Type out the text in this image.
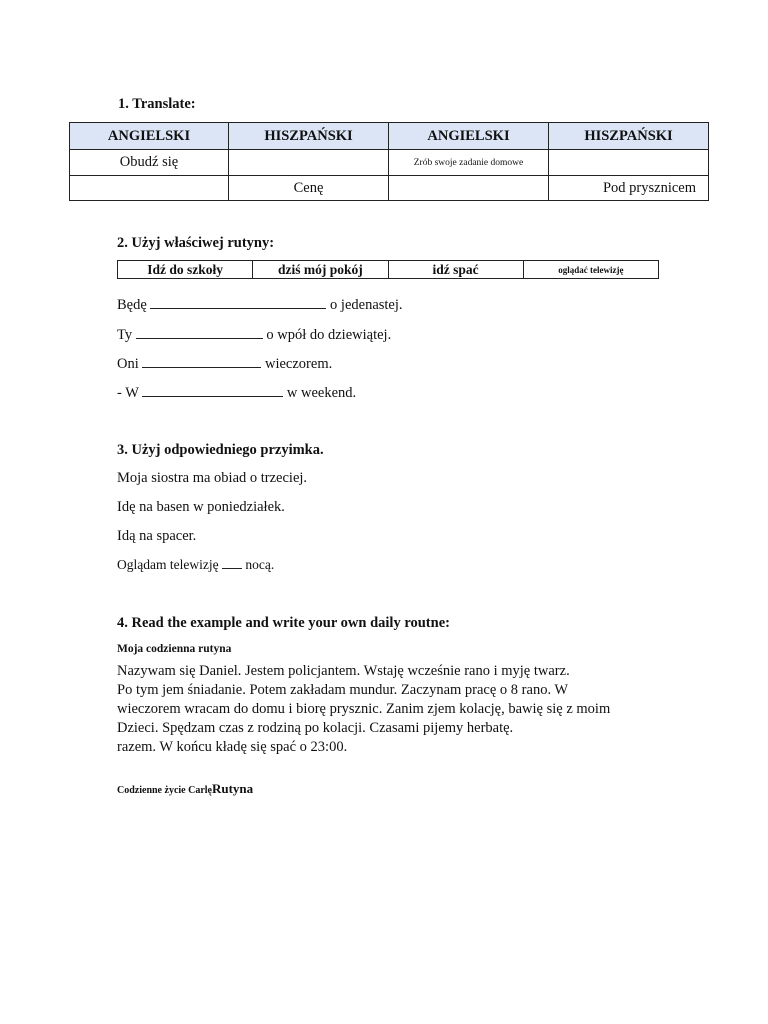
1. Translate:
ANGIELSKI	HISZPAŃSKI	ANGIELSKI	HISZPAŃSKI
Obudź się		Zrób swoje zadanie domowe	
	Cenę		Pod prysznicem
2. Użyj właściwej rutyny:
Idź do szkoły	dziś mój pokój	idź spać	oglądać telewizję
Będę	o jedenastej.
Ty	o wpół do dziewiątej.
Oni	wieczorem.
- W	w weekend.
3. Użyj odpowiedniego przyimka.
Moja siostra ma obiad o trzeciej.
Idę na basen w poniedziałek.
Idą na spacer.
Oglądam telewizję nocą.
4. Read the example and write your own daily routne:
Moja codzienna rutyna
Nazywam się Daniel. Jestem policjantem. Wstaję wcześnie rano i myję twarz.
Po tym jem śniadanie. Potem zakładam mundur. Zaczynam pracę o 8 rano. W
wieczorem wracam do domu i biorę prysznic. Zanim zjem kolację, bawię się z moim
Dzieci. Spędzam czas z rodziną po kolacji. Czasami pijemy herbatę.
razem. W końcu kładę się spać o 23:00.
Codzienne życie CarlęRutyna
